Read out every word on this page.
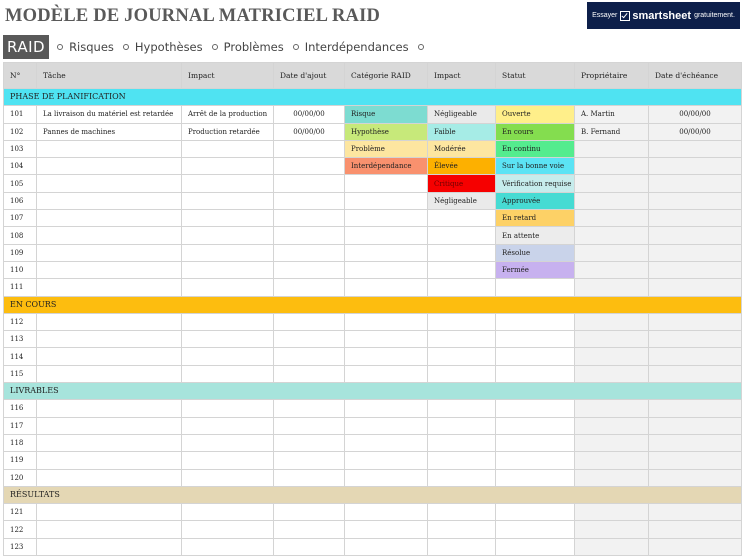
MODÈLE DE JOURNAL MATRICIEL RAID	Essayer smartsheet gratuitement.
RAID	Risques Hypothèses Problèmes Interdépendances
N°	Tâche	Impact	Date d'ajout	Catégorie RAID	Impact	Statut	Propriétaire	Date d'échéance
PHASE DE PLANIFICATION								
101	La livraison du matériel est retardée	Arrêt de la production	00/00/00	Risque	Négligeable	Ouverte	A. Martin	00/00/00
102	Pannes de machines	Production retardée	00/00/00	Hypothèse	Faible	En cours	B. Fernand	00/00/00
103				Problème	Modérée	En continu		
104				Interdépendance	Élevée	Sur la bonne voie		
105					Critique	Vérification requise		
106					Négligeable	Approuvée		
107						En retard		
108						En attente		
109						Résolue		
110						Fermée		
111								
EN COURS								
112								
113								
114								
115								
LIVRABLES								
116								
117								
118								
119								
120								
RÉSULTATS								
121								
122								
123								
